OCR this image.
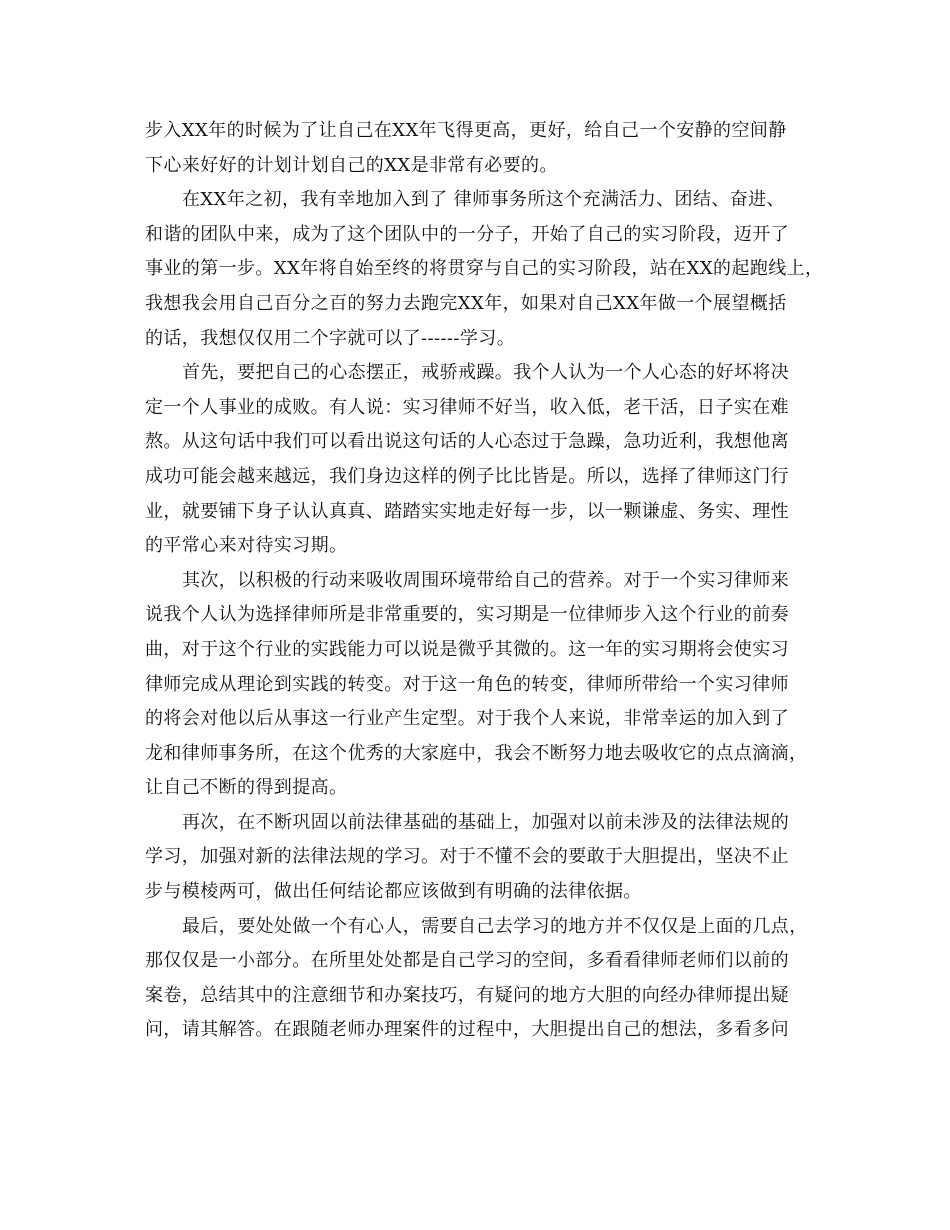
步入XX年的时候为了让自己在XX年飞得更高，更好，给自己一个安静的空间静
下心来好好的计划计划自己的XX是非常有必要的。
在XX年之初，我有幸地加入到了 律师事务所这个充满活力、团结、奋进、
和谐的团队中来，成为了这个团队中的一分子，开始了自己的实习阶段，迈开了
事业的第一步。XX年将自始至终的将贯穿与自己的实习阶段，站在XX的起跑线上，
我想我会用自己百分之百的努力去跑完XX年，如果对自己XX年做一个展望概括
的话，我想仅仅用二个字就可以了------学习。
首先，要把自己的心态摆正，戒骄戒躁。我个人认为一个人心态的好坏将决
定一个人事业的成败。有人说：实习律师不好当，收入低，老干活，日子实在难
熬。从这句话中我们可以看出说这句话的人心态过于急躁，急功近利，我想他离
成功可能会越来越远，我们身边这样的例子比比皆是。所以，选择了律师这门行
业，就要铺下身子认认真真、踏踏实实地走好每一步，以一颗谦虚、务实、理性
的平常心来对待实习期。
其次，以积极的行动来吸收周围环境带给自己的营养。对于一个实习律师来
说我个人认为选择律师所是非常重要的，实习期是一位律师步入这个行业的前奏
曲，对于这个行业的实践能力可以说是微乎其微的。这一年的实习期将会使实习
律师完成从理论到实践的转变。对于这一角色的转变，律师所带给一个实习律师
的将会对他以后从事这一行业产生定型。对于我个人来说，非常幸运的加入到了
龙和律师事务所，在这个优秀的大家庭中，我会不断努力地去吸收它的点点滴滴，
让自己不断的得到提高。
再次，在不断巩固以前法律基础的基础上，加强对以前未涉及的法律法规的
学习，加强对新的法律法规的学习。对于不懂不会的要敢于大胆提出，坚决不止
步与模棱两可，做出任何结论都应该做到有明确的法律依据。
最后，要处处做一个有心人，需要自己去学习的地方并不仅仅是上面的几点，
那仅仅是一小部分。在所里处处都是自己学习的空间，多看看律师老师们以前的
案卷，总结其中的注意细节和办案技巧，有疑问的地方大胆的向经办律师提出疑
问，请其解答。在跟随老师办理案件的过程中，大胆提出自己的想法，多看多问
